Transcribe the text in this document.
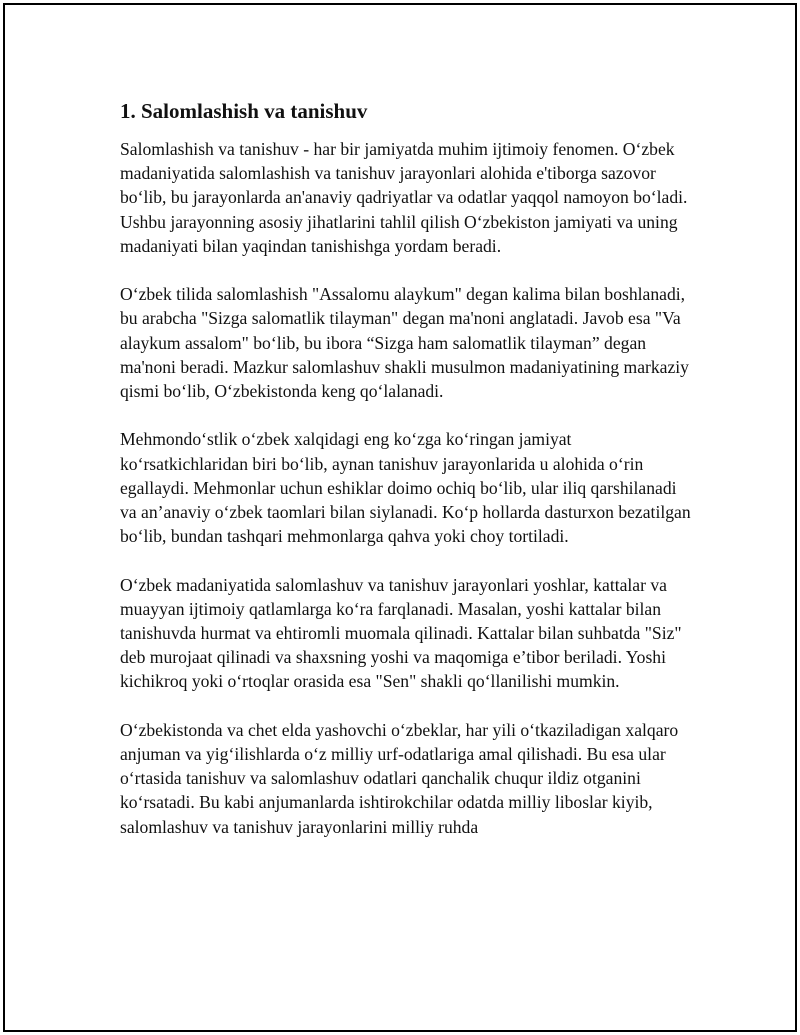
1. Salomlashish va tanishuv

Salomlashish va tanishuv - har bir jamiyatda muhim ijtimoiy fenomen. O‘zbek madaniyatida salomlashish va tanishuv jarayonlari alohida e'tiborga sazovor bo‘lib, bu jarayonlarda an'anaviy qadriyatlar va odatlar yaqqol namoyon bo‘ladi. Ushbu jarayonning asosiy jihatlarini tahlil qilish O‘zbekiston jamiyati va uning madaniyati bilan yaqindan tanishishga yordam beradi.

O‘zbek tilida salomlashish "Assalomu alaykum" degan kalima bilan boshlanadi, bu arabcha "Sizga salomatlik tilayman" degan ma'noni anglatadi. Javob esa "Va alaykum assalom" bo‘lib, bu ibora “Sizga ham salomatlik tilayman” degan ma'noni beradi. Mazkur salomlashuv shakli musulmon madaniyatining markaziy qismi bo‘lib, O‘zbekistonda keng qo‘lalanadi.

Mehmondo‘stlik o‘zbek xalqidagi eng ko‘zga ko‘ringan jamiyat ko‘rsatkichlaridan biri bo‘lib, aynan tanishuv jarayonlarida u alohida o‘rin egallaydi. Mehmonlar uchun eshiklar doimo ochiq bo‘lib, ular iliq qarshilanadi va an’anaviy o‘zbek taomlari bilan siylanadi. Ko‘p hollarda dasturxon bezatilgan bo‘lib, bundan tashqari mehmonlarga qahva yoki choy tortiladi.

O‘zbek madaniyatida salomlashuv va tanishuv jarayonlari yoshlar, kattalar va muayyan ijtimoiy qatlamlarga ko‘ra farqlanadi. Masalan, yoshi kattalar bilan tanishuvda hurmat va ehtiromli muomala qilinadi. Kattalar bilan suhbatda "Siz" deb murojaat qilinadi va shaxsning yoshi va maqomiga e’tibor beriladi. Yoshi kichikroq yoki o‘rtoqlar orasida esa "Sen" shakli qo‘llanilishi mumkin.

O‘zbekistonda va chet elda yashovchi o‘zbeklar, har yili o‘tkaziladigan xalqaro anjuman va yig‘ilishlarda o‘z milliy urf-odatlariga amal qilishadi. Bu esa ular o‘rtasida tanishuv va salomlashuv odatlari qanchalik chuqur ildiz otganini ko‘rsatadi. Bu kabi anjumanlarda ishtirokchilar odatda milliy liboslar kiyib, salomlashuv va tanishuv jarayonlarini milliy ruhda
